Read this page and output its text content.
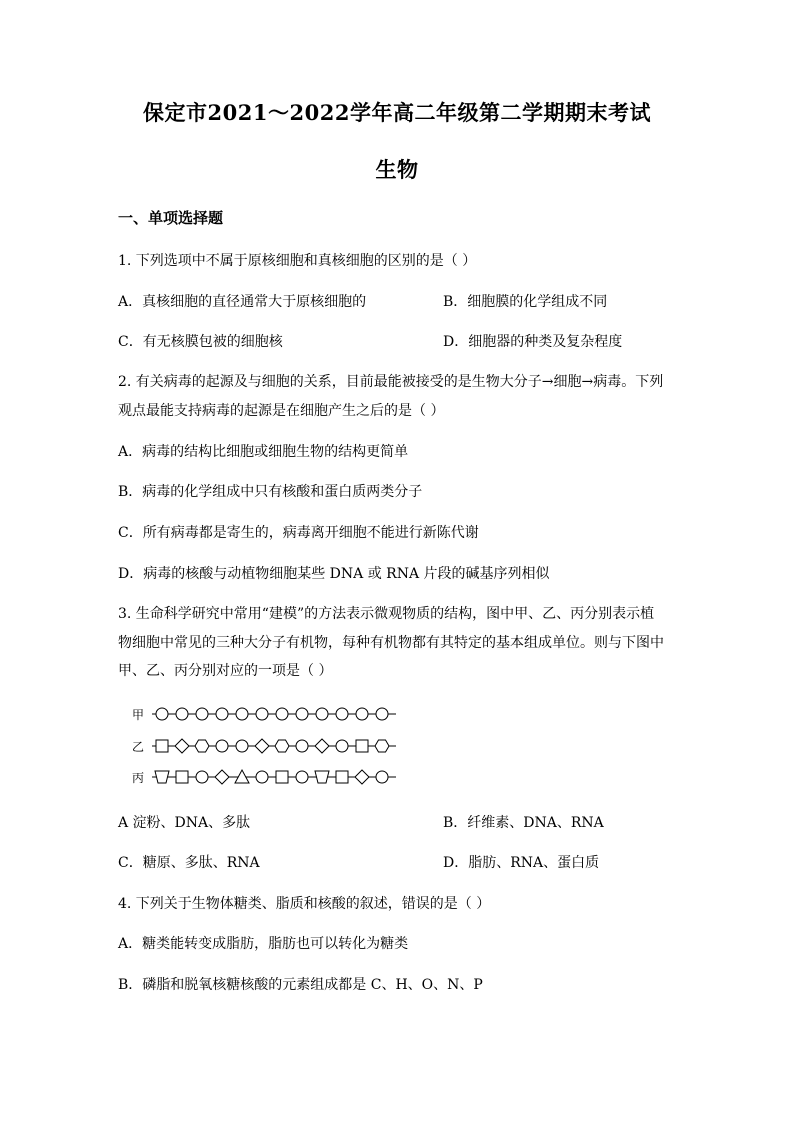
保定市2021～2022学年高二年级第二学期期末考试
生物
一、单项选择题
1. 下列选项中不属于原核细胞和真核细胞的区别的是（ ）
A．真核细胞的直径通常大于原核细胞的	B．细胞膜的化学组成不同
C．有无核膜包被的细胞核	D．细胞器的种类及复杂程度
2. 有关病毒的起源及与细胞的关系，目前最能被接受的是生物大分子→细胞→病毒。下列
观点最能支持病毒的起源是在细胞产生之后的是（ ）
A．病毒的结构比细胞或细胞生物的结构更简单
B．病毒的化学组成中只有核酸和蛋白质两类分子
C．所有病毒都是寄生的，病毒离开细胞不能进行新陈代谢
D．病毒的核酸与动植物细胞某些 DNA 或 RNA 片段的碱基序列相似
3. 生命科学研究中常用“建模”的方法表示微观物质的结构，图中甲、乙、丙分别表示植
物细胞中常见的三种大分子有机物，每种有机物都有其特定的基本组成单位。则与下图中
甲、乙、丙分别对应的一项是（ ）
甲
乙
丙
A 淀粉、DNA、多肽	B．纤维素、DNA、RNA
C．糖原、多肽、RNA	D．脂肪、RNA、蛋白质
4. 下列关于生物体糖类、脂质和核酸的叙述，错误的是（ ）
A．糖类能转变成脂肪，脂肪也可以转化为糖类
B．磷脂和脱氧核糖核酸的元素组成都是 C、H、O、N、P
